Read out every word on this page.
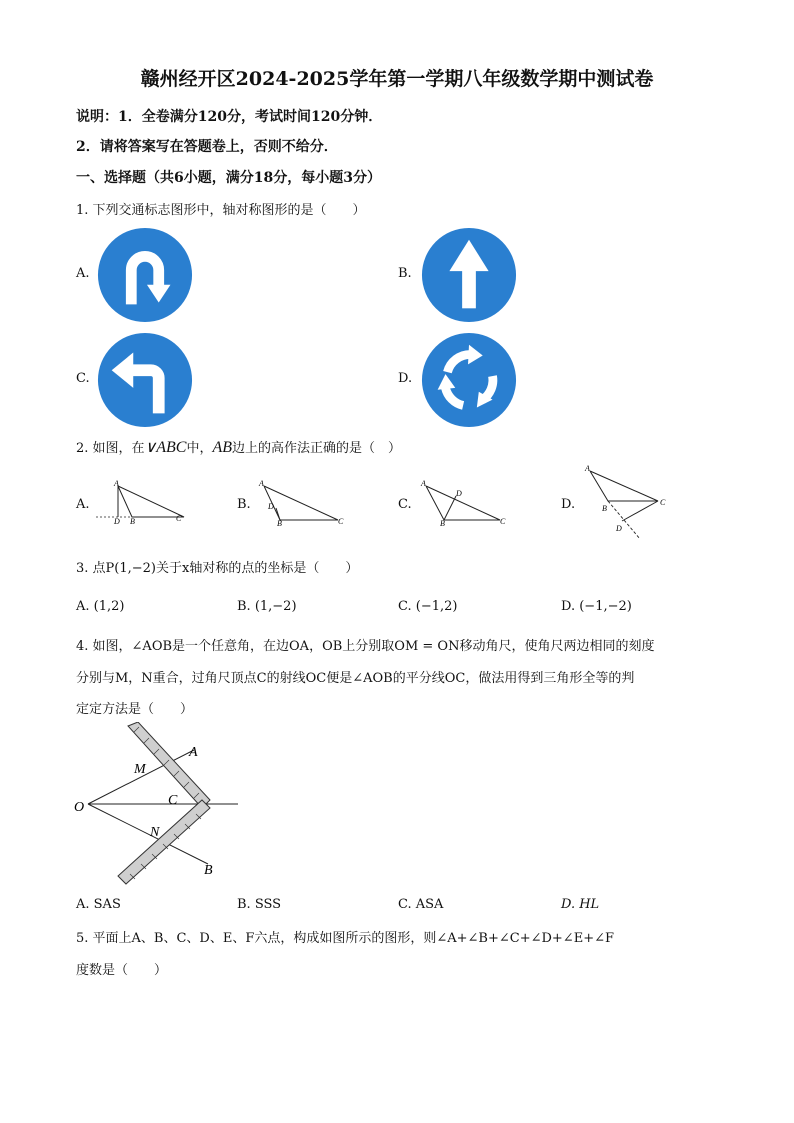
赣州经开区2024-2025学年第一学期八年级数学期中测试卷
说明：1．全卷满分120分，考试时间120分钟．
2．请将答案写在答题卷上，否则不给分．
一、选择题（共6小题，满分18分，每小题3分）
1. 下列交通标志图形中，轴对称图形的是（　　）
A.	B.
C.	D.
2. 如图，在∨ABC中，AB边上的高作法正确的是（　）
A.
A
D B	C
B.
A
D
B	C
C.
A
D
B	C
D.
A
B
C
D
3. 点P(1,−2)关于x轴对称的点的坐标是（　　）
A. (1,2)	B. (1,−2)	C. (−1,2)	D. (−1,−2)
4. 如图，∠AOB是一个任意角，在边OA，OB上分别取OM = ON移动角尺，使角尺两边相同的刻度
分别与M，N重合，过角尺顶点C的射线OC便是∠AOB的平分线OC，做法用得到三角形全等的判
定定方法是（　　）
O
A
B
M
N
C
A. SAS	B. SSS	C. ASA	D. HL
5. 平面上A、B、C、D、E、F六点，构成如图所示的图形，则∠A+∠B+∠C+∠D+∠E+∠F
度数是（　　）
